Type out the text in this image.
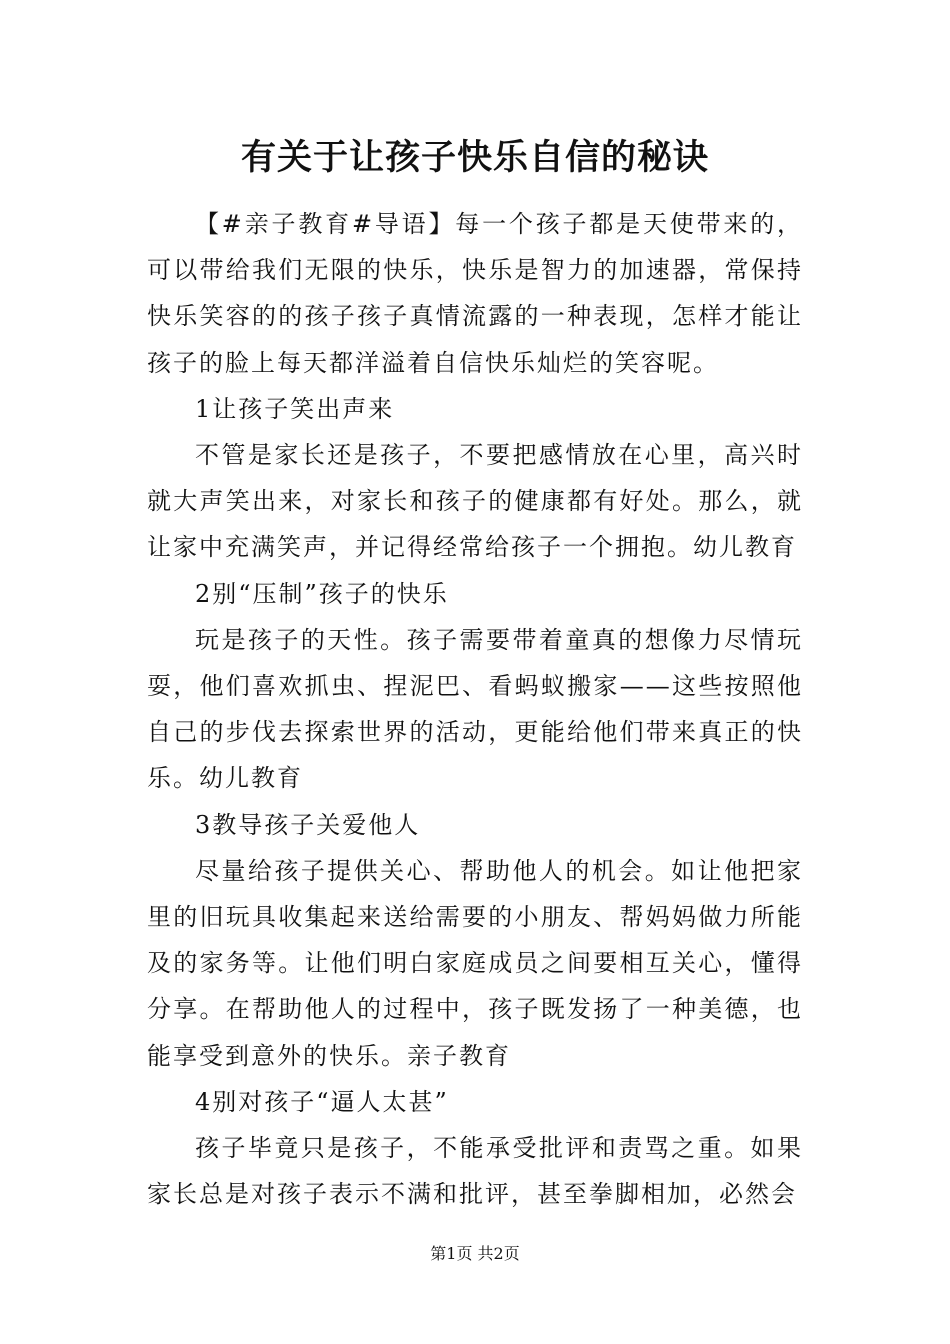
有关于让孩子快乐自信的秘诀

【#亲子教育#导语】每一个孩子都是天使带来的，可以带给我们无限的快乐，快乐是智力的加速器，常保持快乐笑容的的孩子孩子真情流露的一种表现，怎样才能让孩子的脸上每天都洋溢着自信快乐灿烂的笑容呢。

1让孩子笑出声来

不管是家长还是孩子，不要把感情放在心里，高兴时就大声笑出来，对家长和孩子的健康都有好处。那么，就让家中充满笑声，并记得经常给孩子一个拥抱。幼儿教育

2别“压制”孩子的快乐

玩是孩子的天性。孩子需要带着童真的想像力尽情玩耍，他们喜欢抓虫、捏泥巴、看蚂蚁搬家——这些按照他自己的步伐去探索世界的活动，更能给他们带来真正的快乐。幼儿教育

3教导孩子关爱他人

尽量给孩子提供关心、帮助他人的机会。如让他把家里的旧玩具收集起来送给需要的小朋友、帮妈妈做力所能及的家务等。让他们明白家庭成员之间要相互关心，懂得分享。在帮助他人的过程中，孩子既发扬了一种美德，也能享受到意外的快乐。亲子教育

4别对孩子“逼人太甚”

孩子毕竟只是孩子，不能承受批评和责骂之重。如果家长总是对孩子表示不满和批评，甚至拳脚相加，必然会

第1页 共2页
